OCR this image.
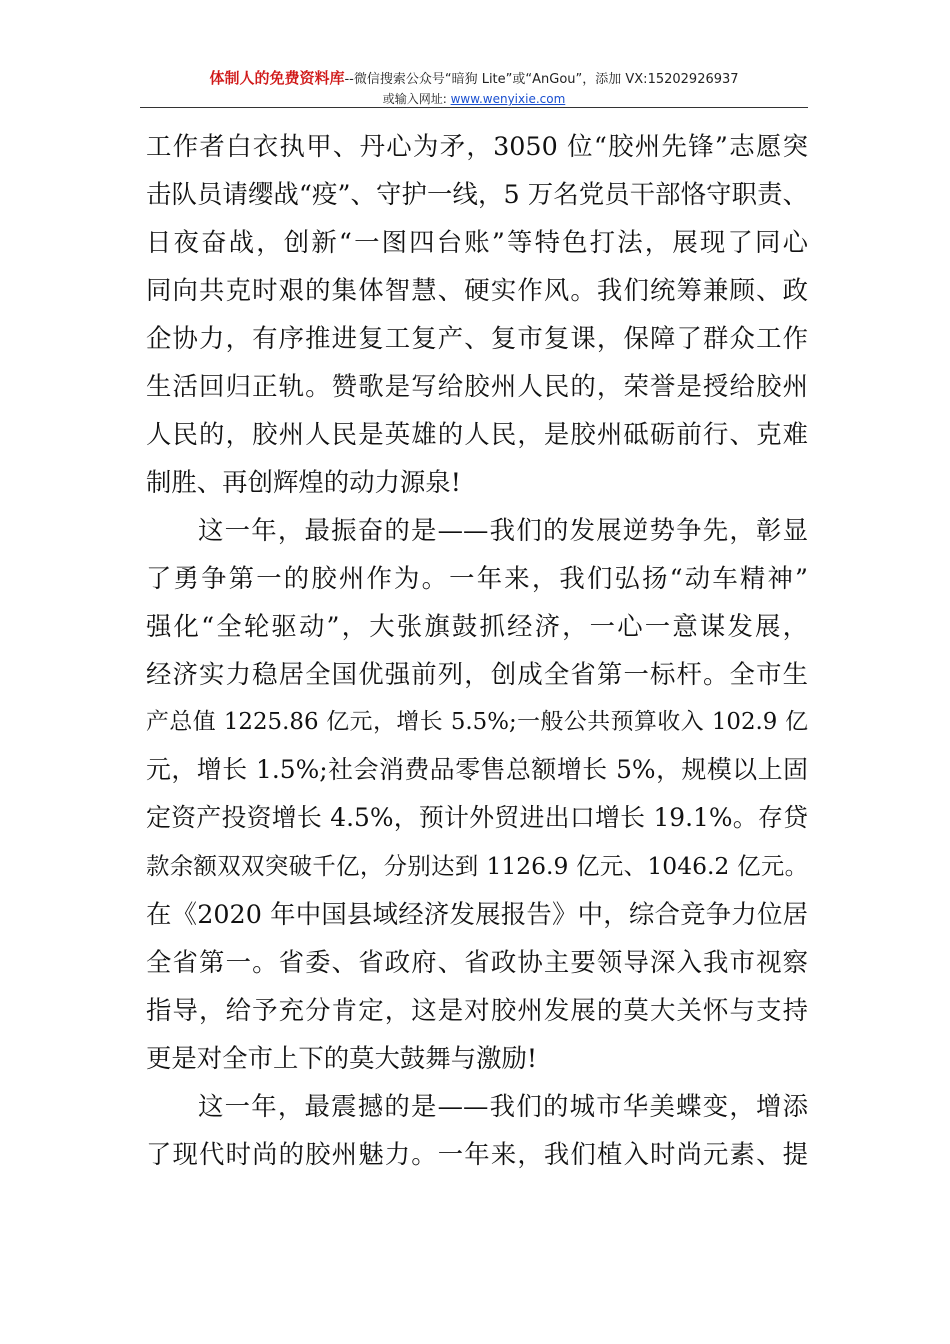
体制人的免费资料库--微信搜索公众号“暗狗 Lite”或“AnGou”，添加 VX:15202926937
或输入网址: www.wenyixie.com
工作者白衣执甲、丹心为矛，3050 位“胶州先锋”志愿突
击队员请缨战“疫”、守护一线，5 万名党员干部恪守职责、
日夜奋战，创新“一图四台账”等特色打法，展现了同心
同向共克时艰的集体智慧、硬实作风。我们统筹兼顾、政
企协力，有序推进复工复产、复市复课，保障了群众工作
生活回归正轨。赞歌是写给胶州人民的，荣誉是授给胶州
人民的，胶州人民是英雄的人民，是胶州砥砺前行、克难
制胜、再创辉煌的动力源泉!
这一年，最振奋的是——我们的发展逆势争先，彰显
了勇争第一的胶州作为。一年来，我们弘扬“动车精神”
强化“全轮驱动”，大张旗鼓抓经济，一心一意谋发展，
经济实力稳居全国优强前列，创成全省第一标杆。全市生
产总值 1225.86 亿元，增长 5.5%;一般公共预算收入 102.9 亿
元，增长 1.5%;社会消费品零售总额增长 5%，规模以上固
定资产投资增长 4.5%，预计外贸进出口增长 19.1%。存贷
款余额双双突破千亿，分别达到 1126.9 亿元、1046.2 亿元。
在《2020 年中国县域经济发展报告》中，综合竞争力位居
全省第一。省委、省政府、省政协主要领导深入我市视察
指导，给予充分肯定，这是对胶州发展的莫大关怀与支持
更是对全市上下的莫大鼓舞与激励!
这一年，最震撼的是——我们的城市华美蝶变，增添
了现代时尚的胶州魅力。一年来，我们植入时尚元素、提
